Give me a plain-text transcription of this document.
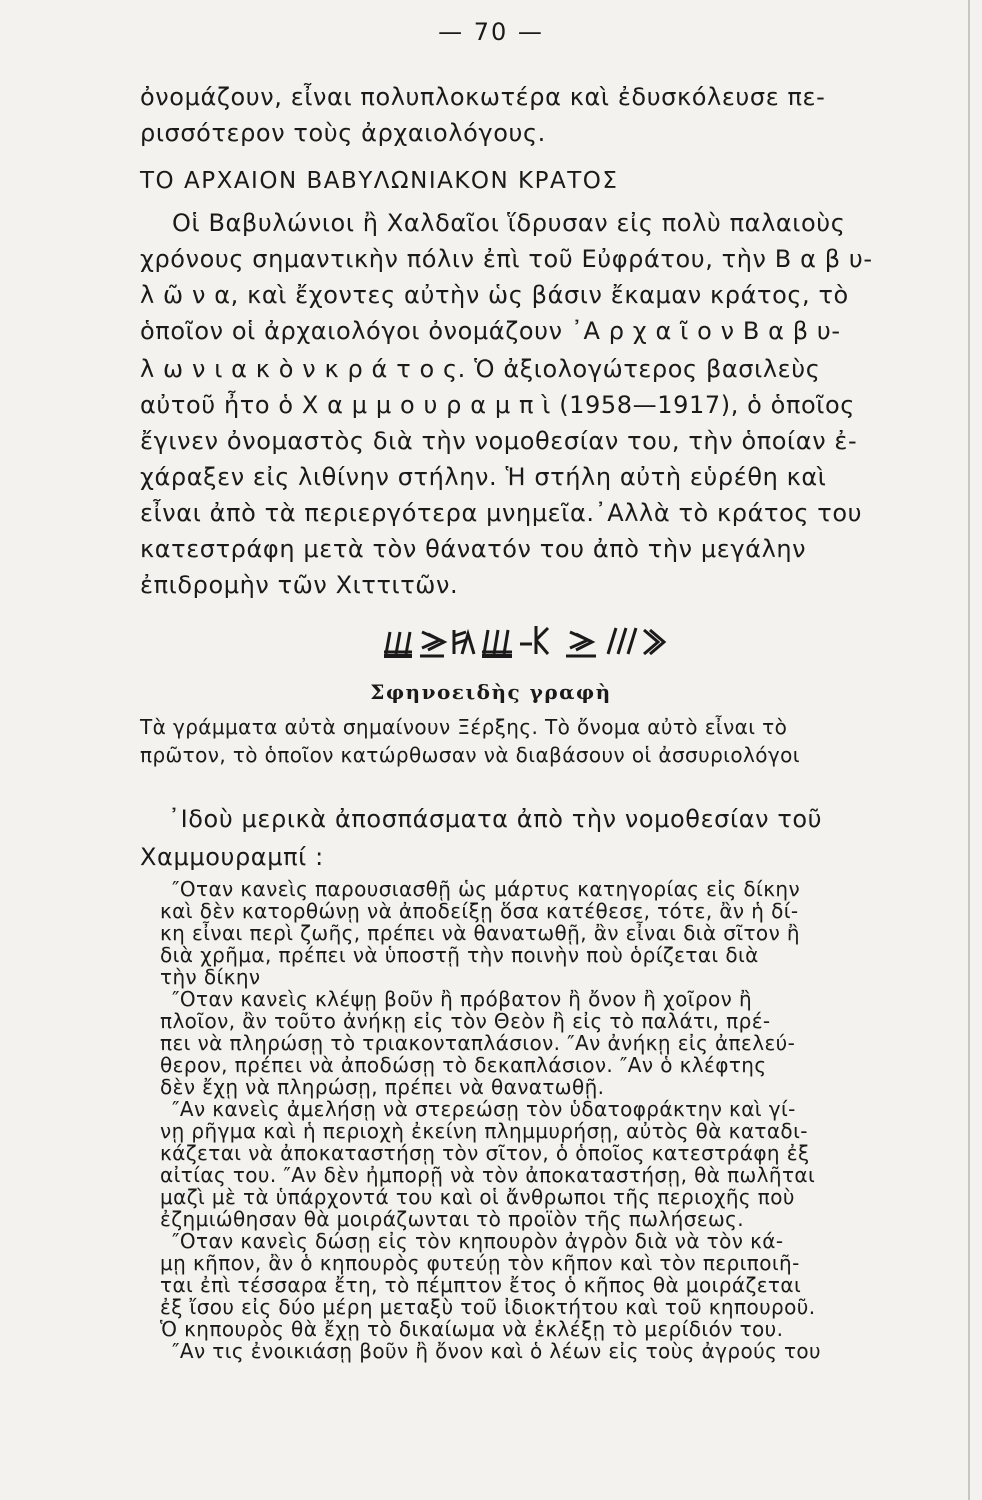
— 70 —
ὀνομάζουν, εἶναι πολυπλοκωτέρα καὶ ἐδυσκόλευσε πε-
ρισσότερον τοὺς ἀρχαιολόγους.
ΤΟ ΑΡΧΑΙΟΝ ΒΑΒΥΛΩΝΙΑΚΟΝ ΚΡΑΤΟΣ
Οἱ Βαβυλώνιοι ἢ Χαλδαῖοι ἵδρυσαν εἰς πολὺ παλαιοὺς
χρόνους σημαντικὴν πόλιν ἐπὶ τοῦ Εὐφράτου, τὴν Β α β υ-
λ ῶ ν α, καὶ ἔχοντες αὐτὴν ὡς βάσιν ἔκαμαν κράτος, τὸ
ὁποῖον οἱ ἀρχαιολόγοι ὀνομάζουν ᾽Α ρ χ α ῖ ο ν Β α β υ-
λ ω ν ι α κ ὸ ν κ ρ ά τ ο ς. Ὁ ἀξιολογώτερος βασιλεὺς
αὐτοῦ ἦτο ὁ Χ α μ μ ο υ ρ α μ π ὶ (1958—1917), ὁ ὁποῖος
ἔγινεν ὀνομαστὸς διὰ τὴν νομοθεσίαν του, τὴν ὁποίαν ἐ-
χάραξεν εἰς λιθίνην στήλην. Ἡ στήλη αὐτὴ εὑρέθη καὶ
εἶναι ἀπὸ τὰ περιεργότερα μνημεῖα.᾽Αλλὰ τὸ κράτος του
κατεστράφη μετὰ τὸν θάνατόν του ἀπὸ τὴν μεγάλην
ἐπιδρομὴν τῶν Χιττιτῶν.
Σφηνοειδὴς γραφὴ
Τὰ γράμματα αὐτὰ σημαίνουν Ξέρξης. Τὸ ὄνομα αὐτὸ εἶναι τὸ
πρῶτον, τὸ ὁποῖον κατώρθωσαν νὰ διαβάσουν οἱ ἀσσυριολόγοι
᾽Ιδοὺ μερικὰ ἀποσπάσματα ἀπὸ τὴν νομοθεσίαν τοῦ
Χαμμουραμπί :
″Οταν κανεὶς παρουσιασθῇ ὡς μάρτυς κατηγορίας εἰς δίκην
καὶ δὲν κατορθώνῃ νὰ ἀποδείξῃ ὅσα κατέθεσε, τότε, ἂν ἡ δί-
κη εἶναι περὶ ζωῆς, πρέπει νὰ θανατωθῇ, ἂν εἶναι διὰ σῖτον ἢ
διὰ χρῆμα, πρέπει νὰ ὑποστῇ τὴν ποινὴν ποὺ ὁρίζεται διὰ
τὴν δίκην
″Οταν κανεὶς κλέψῃ βοῦν ἢ πρόβατον ἢ ὄνον ἢ χοῖρον ἢ
πλοῖον, ἂν τοῦτο ἀνήκῃ εἰς τὸν Θεὸν ἢ εἰς τὸ παλάτι, πρέ-
πει νὰ πληρώσῃ τὸ τριακονταπλάσιον. ″Αν ἀνήκῃ εἰς ἀπελεύ-
θερον, πρέπει νὰ ἀποδώσῃ τὸ δεκαπλάσιον. ″Αν ὁ κλέφτης
δὲν ἔχῃ νὰ πληρώσῃ, πρέπει νὰ θανατωθῇ.
″Αν κανεὶς ἀμελήσῃ νὰ στερεώσῃ τὸν ὑδατοφράκτην καὶ γί-
νῃ ρῆγμα καὶ ἡ περιοχὴ ἐκείνη πλημμυρήσῃ, αὐτὸς θὰ καταδι-
κάζεται νὰ ἀποκαταστήσῃ τὸν σῖτον, ὁ ὁποῖος κατεστράφη ἐξ
αἰτίας του. ″Αν δὲν ἠμπορῇ νὰ τὸν ἀποκαταστήσῃ, θὰ πωλῆται
μαζὶ μὲ τὰ ὑπάρχοντά του καὶ οἱ ἄνθρωποι τῆς περιοχῆς ποὺ
ἐζημιώθησαν θὰ μοιράζωνται τὸ προϊὸν τῆς πωλήσεως.
″Οταν κανεὶς δώσῃ εἰς τὸν κηπουρὸν ἀγρὸν διὰ νὰ τὸν κά-
μῃ κῆπον, ἂν ὁ κηπουρὸς φυτεύῃ τὸν κῆπον καὶ τὸν περιποιῆ-
ται ἐπὶ τέσσαρα ἔτη, τὸ πέμπτον ἔτος ὁ κῆπος θὰ μοιράζεται
ἐξ ἴσου εἰς δύο μέρη μεταξὺ τοῦ ἰδιοκτήτου καὶ τοῦ κηπουροῦ.
Ὁ κηπουρὸς θὰ ἔχῃ τὸ δικαίωμα νὰ ἐκλέξῃ τὸ μερίδιόν του.
″Αν τις ἐνοικιάσῃ βοῦν ἢ ὄνον καὶ ὁ λέων εἰς τοὺς ἀγρούς του
